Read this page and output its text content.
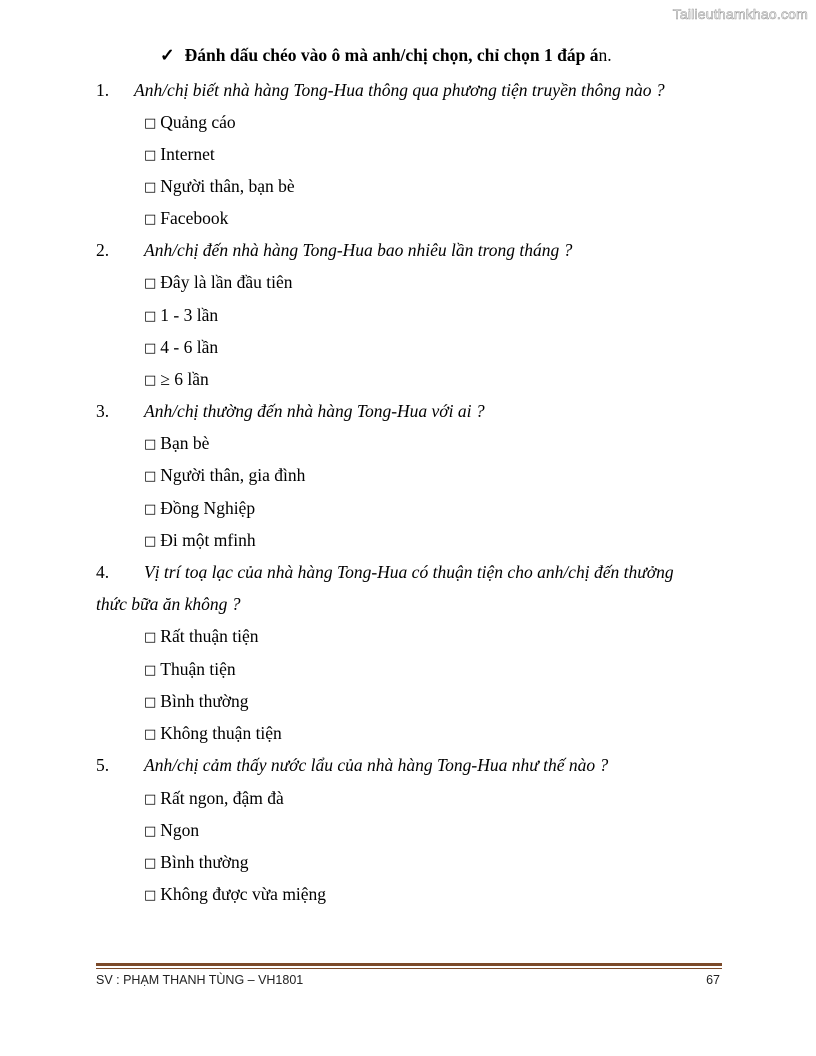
Tailieuthamkhao.com
✓ Đánh dấu chéo vào ô mà anh/chị chọn, chỉ chọn 1 đáp án.
1. Anh/chị biết nhà hàng Tong-Hua thông qua phương tiện truyền thông nào ?
□ Quảng cáo
□ Internet
□ Người thân, bạn bè
□ Facebook
2. Anh/chị đến nhà hàng Tong-Hua bao nhiêu lần trong tháng ?
□ Đây là lần đầu tiên
□ 1 - 3 lần
□ 4 - 6 lần
□ ≥ 6 lần
3. Anh/chị thường đến nhà hàng Tong-Hua với ai ?
□ Bạn bè
□ Người thân, gia đình
□ Đồng Nghiệp
□ Đi một mfinh
4. Vị trí toạ lạc của nhà hàng Tong-Hua có thuận tiện cho anh/chị đến thưởng
thức bữa ăn không ?
□ Rất thuận tiện
□ Thuận tiện
□ Bình thường
□ Không thuận tiện
5. Anh/chị cảm thấy nước lẩu của nhà hàng Tong-Hua như thế nào ?
□ Rất ngon, đậm đà
□ Ngon
□ Bình thường
□ Không được vừa miệng
SV : PHẠM THANH TÙNG – VH1801	67
